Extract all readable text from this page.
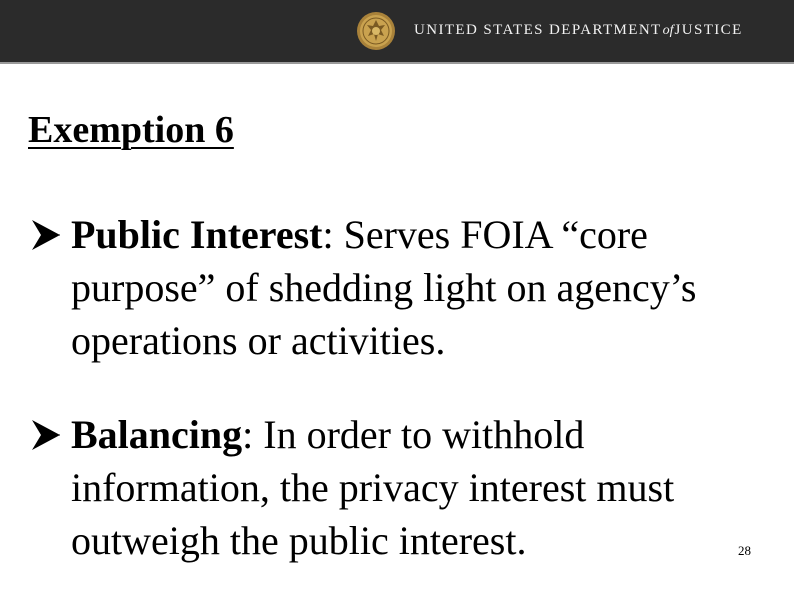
UNITED STATES DEPARTMENTofJUSTICE
Exemption 6
Public Interest: Serves FOIA “core purpose” of shedding light on agency’s operations or activities.
Balancing: In order to withhold information, the privacy interest must outweigh the public interest.	28
